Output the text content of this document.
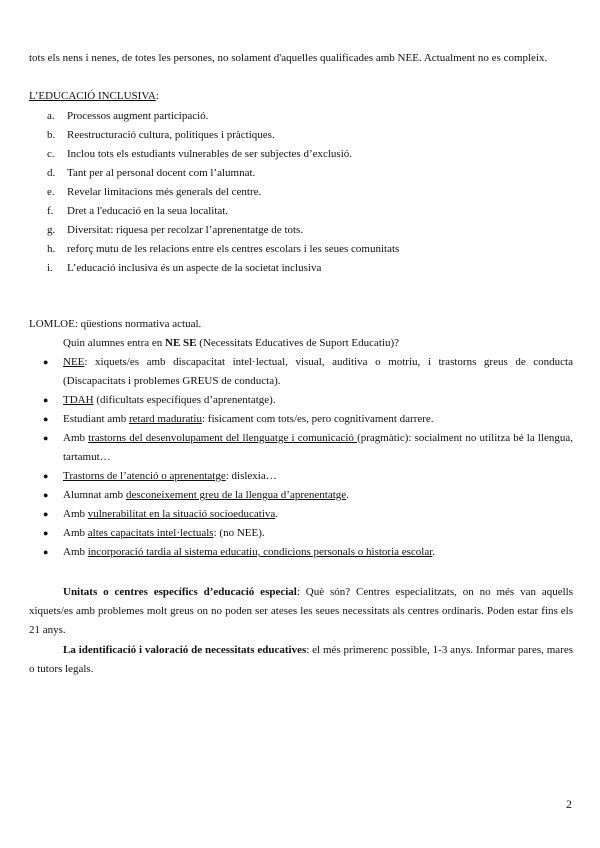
tots els nens i nenes, de totes les persones, no solament d'aquelles qualificades amb NEE. Actualment no es compleix.
L’EDUCACIÓ INCLUSIVA:
a.	Processos augment participació.
b.	Reestructuració cultura, polítiques i pràctiques.
c.	Inclou tots els estudiants vulnerables de ser subjectes d’exclusió.
d.	Tant per al personal docent com l’alumnat.
e.	Revelar limitacions més generals del centre.
f.	Dret a l'educació en la seua localitat.
g.	Diversitat: riquesa per recolzar l’aprenentatge de tots.
h.	reforç mutu de les relacions entre els centres escolars i les seues comunitats
i.	L’educació inclusiva és un aspecte de la societat inclusiva
LOMLOE: qüestions normativa actual.
Quin alumnes entra en NE SE (Necessitats Educatives de Suport Educatiu)?
●	NEE: xiquets/es amb discapacitat intel·lectual, visual, auditiva o motriu, i trastorns greus de conducta (Discapacitats i problemes GREUS de conducta).
●	TDAH (dificultats específiques d’aprenentatge).
●	Estudiant amb retard maduratiu: físicament com tots/es, pero cognitivament darrere.
●	Amb trastorns del desenvolupament del llenguatge i comunicació (pragmàtic): socialment no utilitza bé la llengua, tartamut…
●	Trastorns de l’atenció o aprenentatge: dislexia…
●	Alumnat amb desconeixement greu de la llengua d’aprenentatge.
●	Amb vulnerabilitat en la situació socioeducativa.
●	Amb altes capacitats intel·lectuals: (no NEE).
●	Amb incorporació tardia al sistema educatiu, condicions personals o historia escolar.
Unitats o centres específics d’educació especial: Què són? Centres especialitzats, on no més van aquells xiquets/es amb problemes molt greus on no poden ser ateses les seues necessitats als centres ordinaris. Poden estar fins els 21 anys.
La identificació i valoració de necessitats educatives: el més primerenc possible, 1-3 anys. Informar pares, mares o tutors legals.
2
